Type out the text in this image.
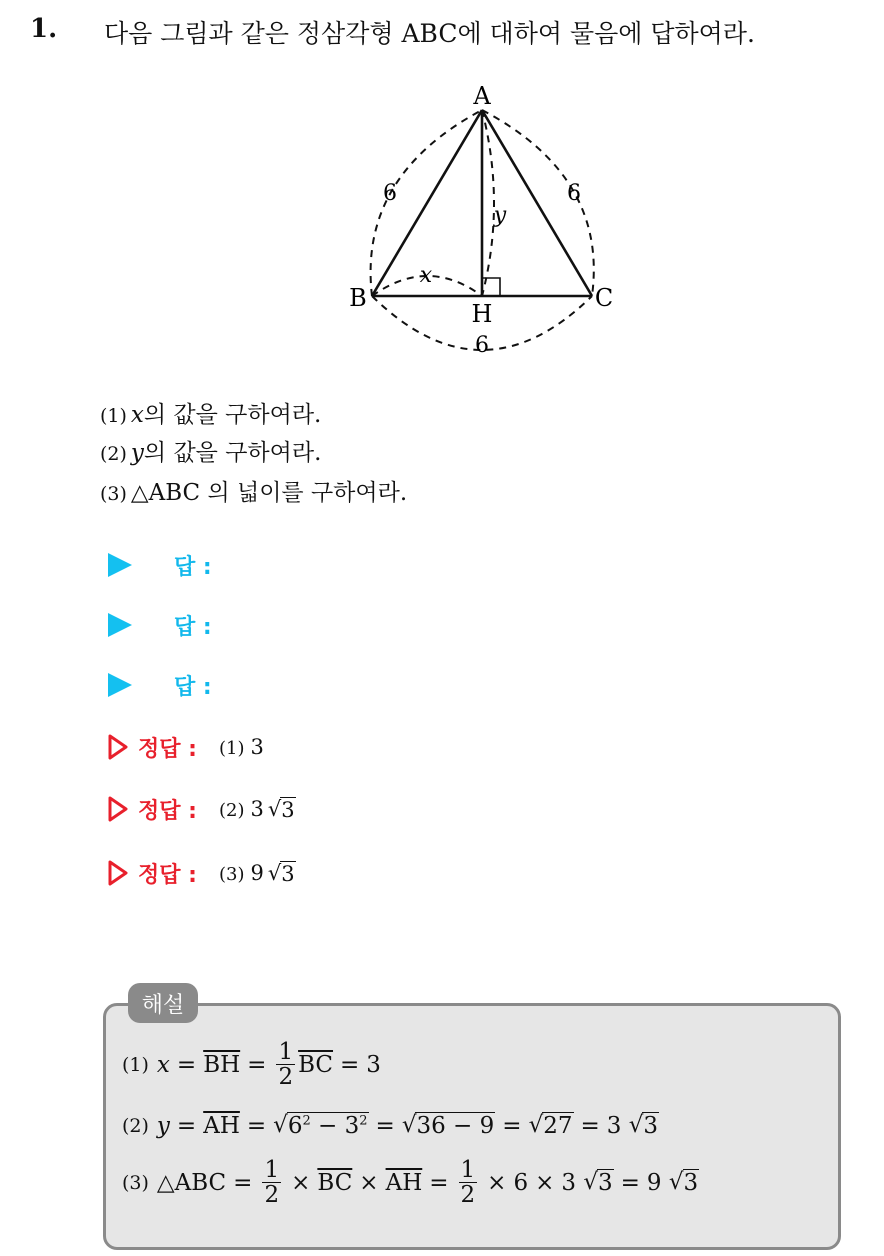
1. 다음 그림과 같은 정삼각형 ABC에 대하여 물음에 답하여라.
A
B	C
H
6	6
6
x
y
(1) x의 값을 구하여라.
(2) y의 값을 구하여라.
(3) △ABC 의 넓이를 구하여라.
답 :
답 :
답 :
정답 : (1) 3
정답 : (2) 3 √ 3
정답 : (3) 9 √ 3
해설
(1) $x = \overline{BH} = \frac{1}{2} \overline{BC} = 3$
(2) $y = \overline{AH}$ = √ $6^2 - 3^2$ = √ 36 − 9 = √ 27 = 3 √ 3
(3) △ABC = $\frac{1}{2} \times \overline{BC} \times \overline{AH} = \frac{1}{2} \times 6 \times 3$ √ 3 = 9 √ 3
